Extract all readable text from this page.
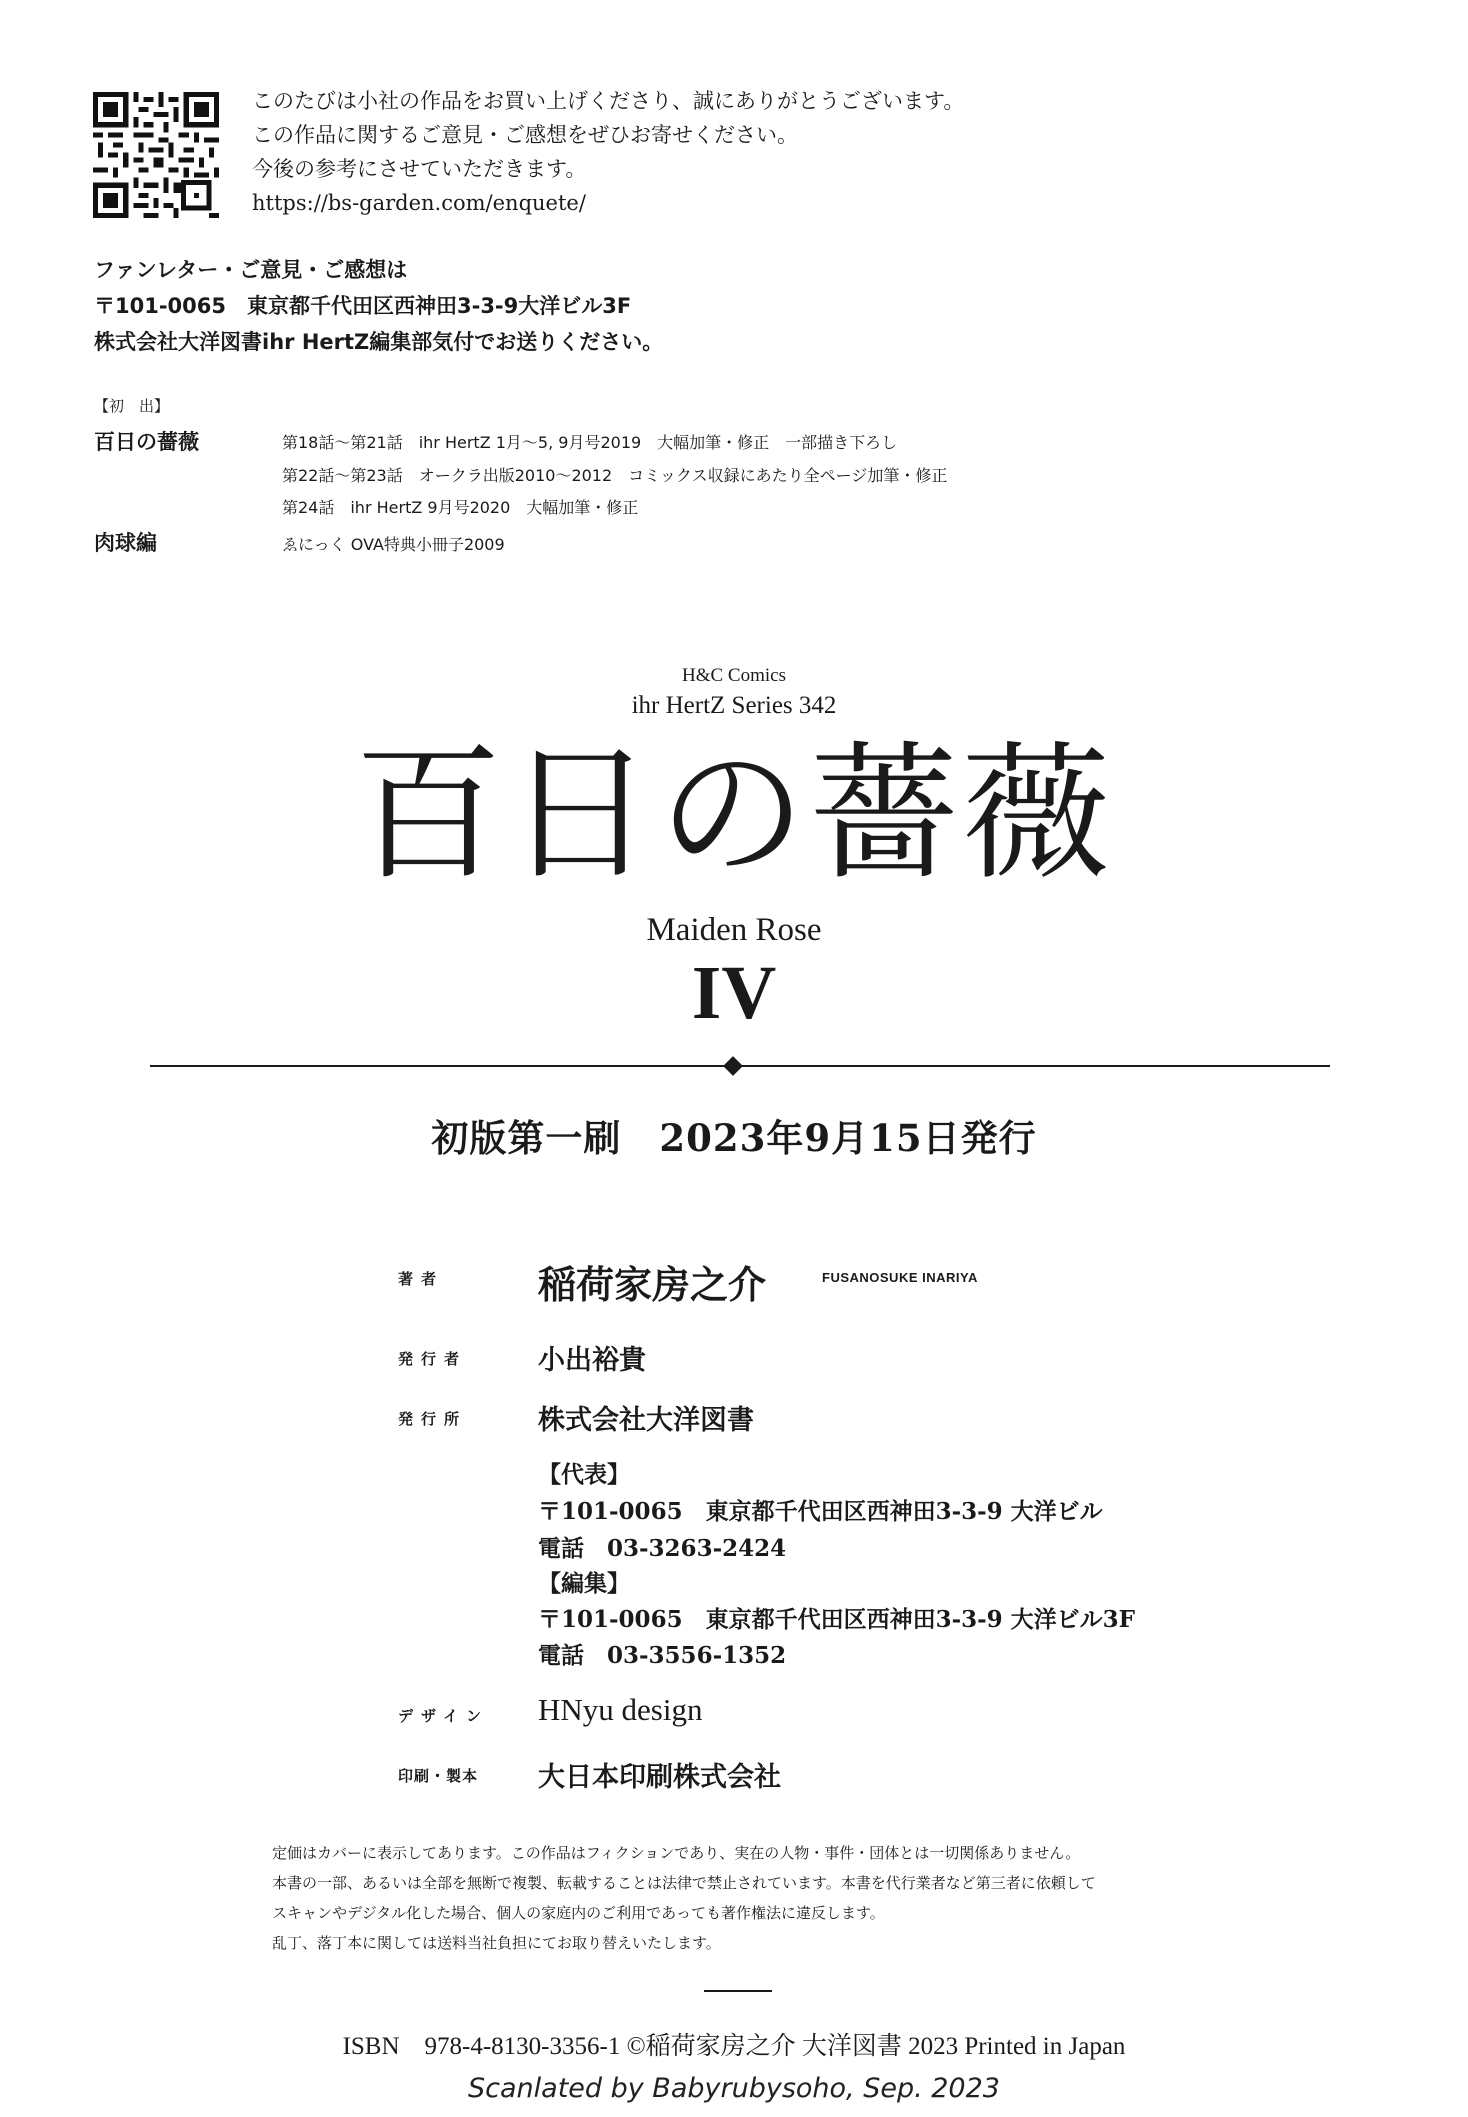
このたびは小社の作品をお買い上げくださり、誠にありがとうございます。
この作品に関するご意見・ご感想をぜひお寄せください。
今後の参考にさせていただきます。
https://bs-garden.com/enquete/
ファンレター・ご意見・ご感想は
〒101-0065　東京都千代田区西神田3-3-9大洋ビル3F
株式会社大洋図書ihr HertZ編集部気付でお送りください。
【初　出】
百日の薔薇	第18話～第21話　ihr HertZ 1月～5, 9月号2019　大幅加筆・修正　一部描き下ろし
第22話～第23話　オークラ出版2010～2012　コミックス収録にあたり全ページ加筆・修正
第24話　ihr HertZ 9月号2020　大幅加筆・修正
肉球編	ゑにっく OVA特典小冊子2009
H&C Comics
ihr HertZ Series 342
百日の薔薇
Maiden Rose
IV
初版第一刷　2023年9月15日発行
著者 稲荷家房之介	FUSANOSUKE INARIYA
発行者	小出裕貴
発行所	株式会社大洋図書
【代表】
〒101-0065　東京都千代田区西神田3-3-9 大洋ビル
電話　03-3263-2424
【編集】
〒101-0065　東京都千代田区西神田3-3-9 大洋ビル3F
電話　03-3556-1352
デザイン HNyu design
印刷・製本 大日本印刷株式会社
定価はカバーに表示してあります。この作品はフィクションであり、実在の人物・事件・団体とは一切関係ありません。
本書の一部、あるいは全部を無断で複製、転載することは法律で禁止されています。本書を代行業者など第三者に依頼して
スキャンやデジタル化した場合、個人の家庭内のご利用であっても著作権法に違反します。
乱丁、落丁本に関しては送料当社負担にてお取り替えいたします。
ISBN　978-4-8130-3356-1 ©稲荷家房之介 大洋図書 2023 Printed in Japan
Scanlated by Babyrubysoho, Sep. 2023
